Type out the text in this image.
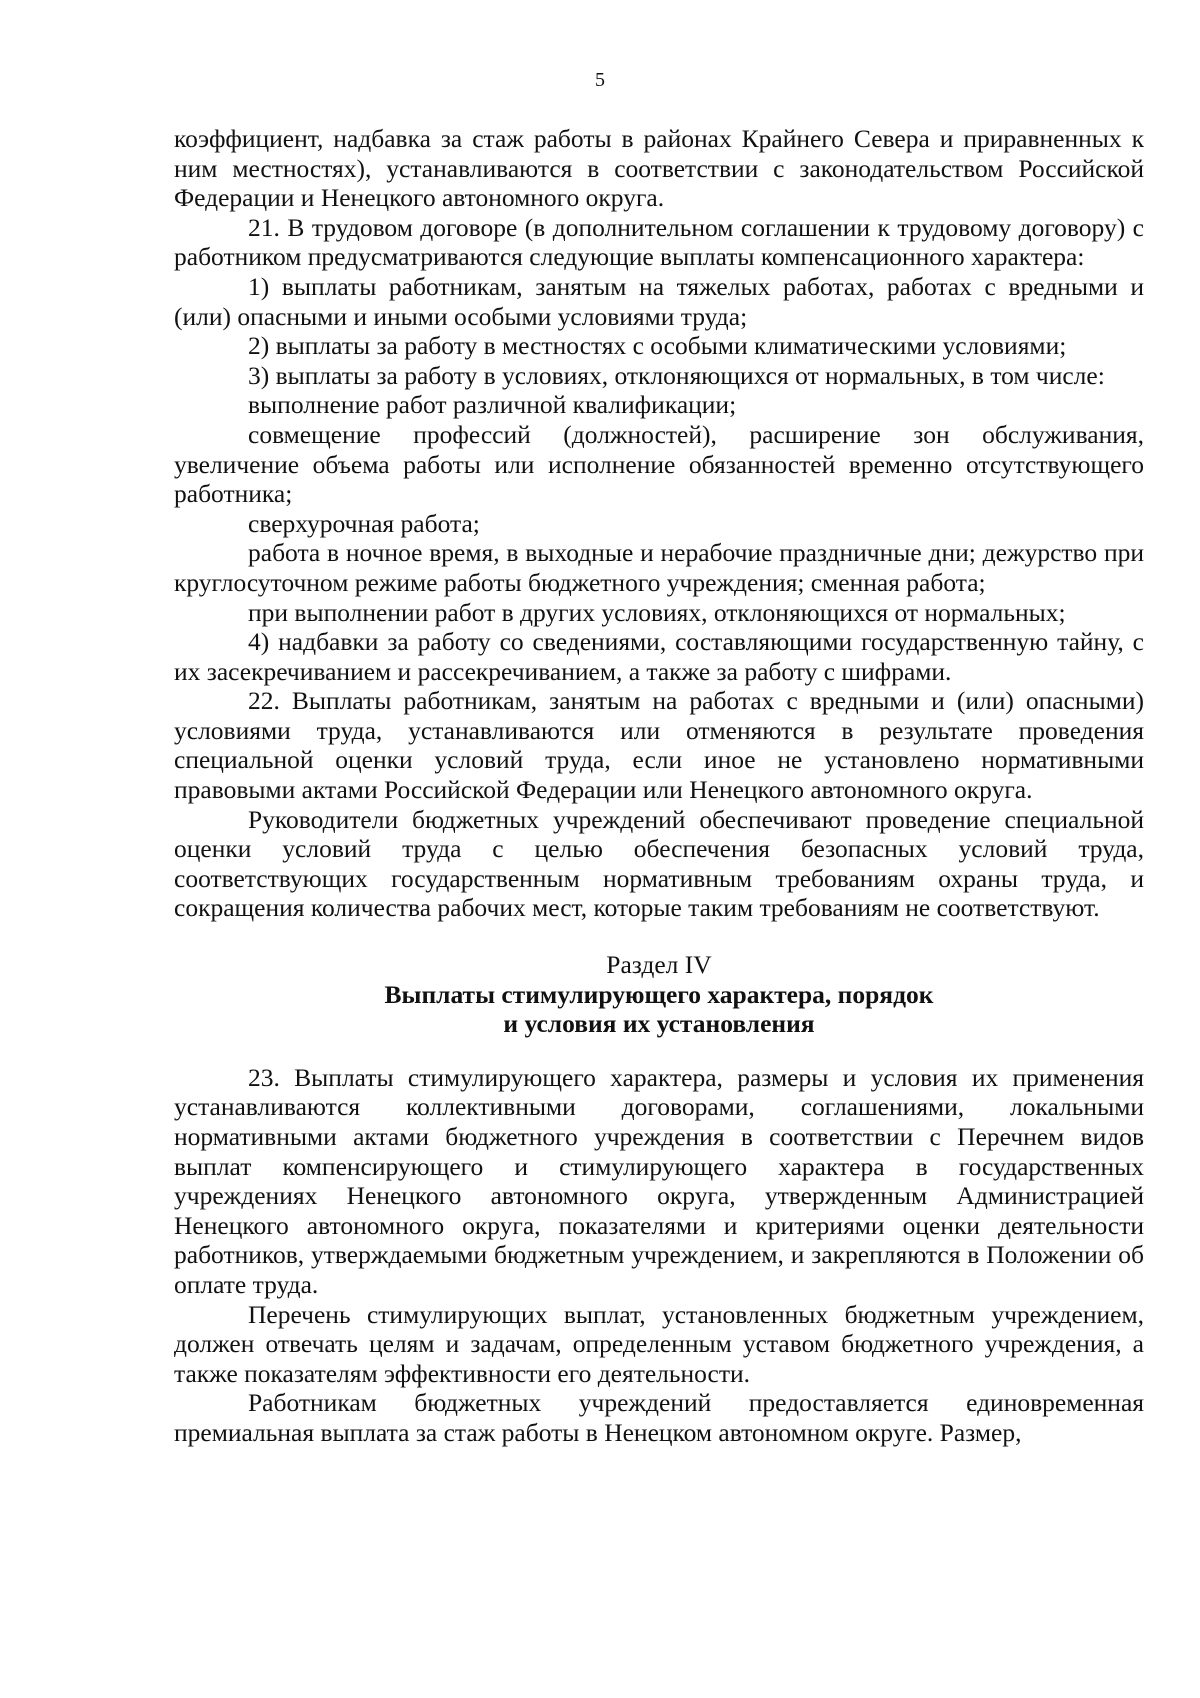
5

коэффициент, надбавка за стаж работы в районах Крайнего Севера и приравненных к ним местностях), устанавливаются в соответствии с законодательством Российской Федерации и Ненецкого автономного округа.

21. В трудовом договоре (в дополнительном соглашении к трудовому договору) с работником предусматриваются следующие выплаты компенсационного характера:

1) выплаты работникам, занятым на тяжелых работах, работах с вредными и (или) опасными и иными особыми условиями труда;

2) выплаты за работу в местностях с особыми климатическими условиями;

3) выплаты за работу в условиях, отклоняющихся от нормальных, в том числе:

выполнение работ различной квалификации;

совмещение профессий (должностей), расширение зон обслуживания, увеличение объема работы или исполнение обязанностей временно отсутствующего работника;

сверхурочная работа;

работа в ночное время, в выходные и нерабочие праздничные дни; дежурство при круглосуточном режиме работы бюджетного учреждения; сменная работа;

при выполнении работ в других условиях, отклоняющихся от нормальных;

4) надбавки за работу со сведениями, составляющими государственную тайну, с их засекречиванием и рассекречиванием, а также за работу с шифрами.

22. Выплаты работникам, занятым на работах с вредными и (или) опасными) условиями труда, устанавливаются или отменяются в результате проведения специальной оценки условий труда, если иное не установлено нормативными правовыми актами Российской Федерации или Ненецкого автономного округа.

Руководители бюджетных учреждений обеспечивают проведение специальной оценки условий труда с целью обеспечения безопасных условий труда, соответствующих государственным нормативным требованиям охраны труда, и сокращения количества рабочих мест, которые таким требованиям не соответствуют.

Раздел IV
Выплаты стимулирующего характера, порядок
и условия их установления

23. Выплаты стимулирующего характера, размеры и условия их применения устанавливаются коллективными договорами, соглашениями, локальными нормативными актами бюджетного учреждения в соответствии с Перечнем видов выплат компенсирующего и стимулирующего характера в государственных учреждениях Ненецкого автономного округа, утвержденным Администрацией Ненецкого автономного округа, показателями и критериями оценки деятельности работников, утверждаемыми бюджетным учреждением, и закрепляются в Положении об оплате труда.

Перечень стимулирующих выплат, установленных бюджетным учреждением, должен отвечать целям и задачам, определенным уставом бюджетного учреждения, а также показателям эффективности его деятельности.

Работникам бюджетных учреждений предоставляется единовременная премиальная выплата за стаж работы в Ненецком автономном округе. Размер,
